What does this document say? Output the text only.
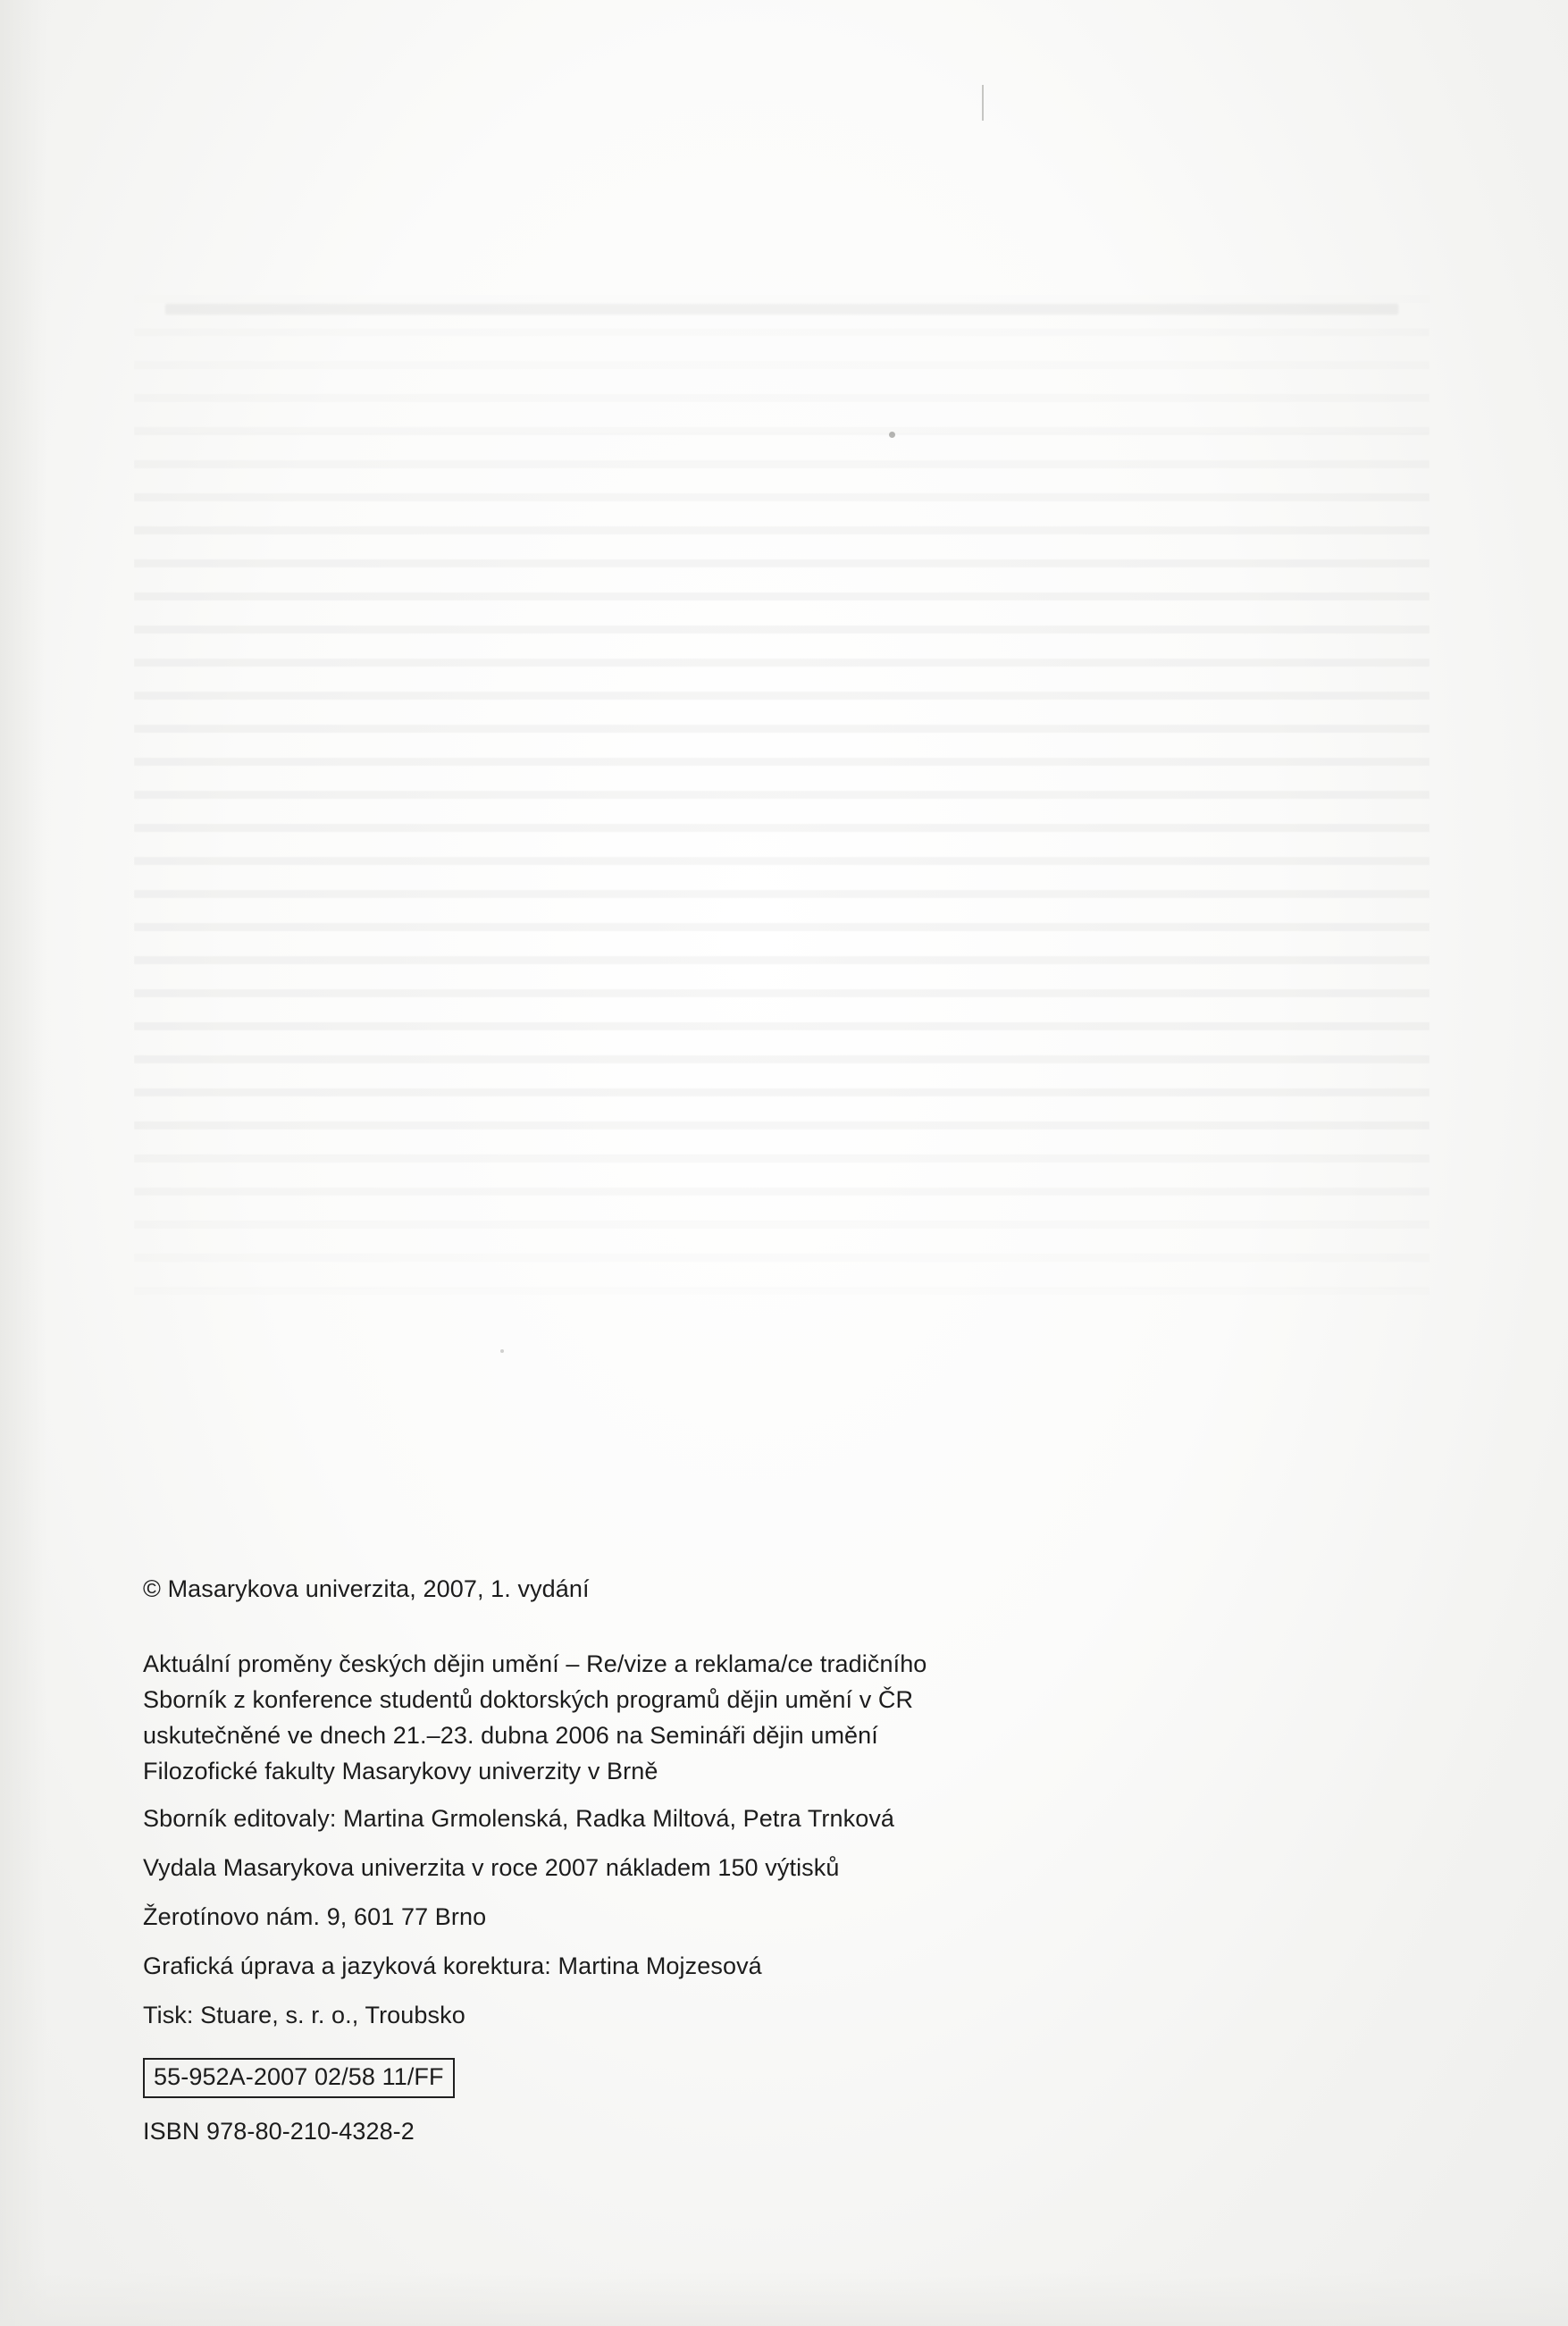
© Masarykova univerzita, 2007, 1. vydání
Aktuální proměny českých dějin umění – Re/vize a reklama/ce tradičního
Sborník z konference studentů doktorských programů dějin umění v ČR
uskutečněné ve dnech 21.–23. dubna 2006 na Semináři dějin umění
Filozofické fakulty Masarykovy univerzity v Brně
Sborník editovaly: Martina Grmolenská, Radka Miltová, Petra Trnková
Vydala Masarykova univerzita v roce 2007 nákladem 150 výtisků
Žerotínovo nám. 9, 601 77 Brno
Grafická úprava a jazyková korektura: Martina Mojzesová
Tisk: Stuare, s. r. o., Troubsko
55-952A-2007 02/58 11/FF
ISBN 978-80-210-4328-2
